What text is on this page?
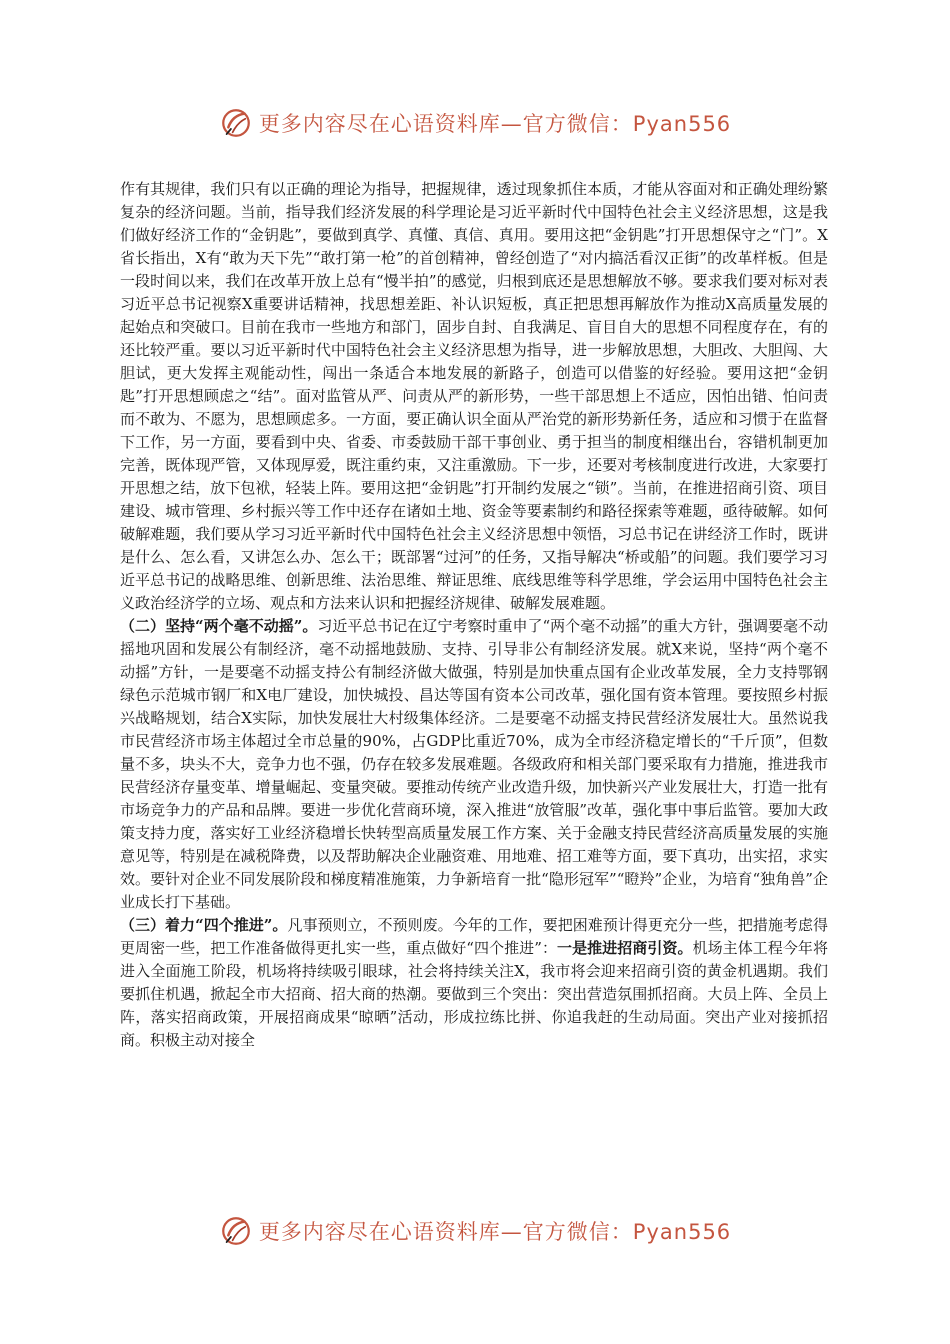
更多内容尽在心语资料库—官方微信：Pyan556

作有其规律，我们只有以正确的理论为指导，把握规律，透过现象抓住本质，才能从容面对和正确处理纷繁复杂的经济问题。当前，指导我们经济发展的科学理论是习近平新时代中国特色社会主义经济思想，这是我们做好经济工作的“金钥匙”，要做到真学、真懂、真信、真用。要用这把“金钥匙”打开思想保守之“门”。X省长指出，X有“敢为天下先”“敢打第一枪”的首创精神，曾经创造了“对内搞活看汉正街”的改革样板。但是一段时间以来，我们在改革开放上总有“慢半拍”的感觉，归根到底还是思想解放不够。要求我们要对标对表习近平总书记视察X重要讲话精神，找思想差距、补认识短板，真正把思想再解放作为推动X高质量发展的起始点和突破口。目前在我市一些地方和部门，固步自封、自我满足、盲目自大的思想不同程度存在，有的还比较严重。要以习近平新时代中国特色社会主义经济思想为指导，进一步解放思想，大胆改、大胆闯、大胆试，更大发挥主观能动性，闯出一条适合本地发展的新路子，创造可以借鉴的好经验。要用这把“金钥匙”打开思想顾虑之“结”。面对监管从严、问责从严的新形势，一些干部思想上不适应，因怕出错、怕问责而不敢为、不愿为，思想顾虑多。一方面，要正确认识全面从严治党的新形势新任务，适应和习惯于在监督下工作，另一方面，要看到中央、省委、市委鼓励干部干事创业、勇于担当的制度相继出台，容错机制更加完善，既体现严管，又体现厚爱，既注重约束，又注重激励。下一步，还要对考核制度进行改进，大家要打开思想之结，放下包袱，轻装上阵。要用这把“金钥匙”打开制约发展之“锁”。当前，在推进招商引资、项目建设、城市管理、乡村振兴等工作中还存在诸如土地、资金等要素制约和路径探索等难题，亟待破解。如何破解难题，我们要从学习习近平新时代中国特色社会主义经济思想中领悟，习总书记在讲经济工作时，既讲是什么、怎么看，又讲怎么办、怎么干；既部署“过河”的任务，又指导解决“桥或船”的问题。我们要学习习近平总书记的战略思维、创新思维、法治思维、辩证思维、底线思维等科学思维，学会运用中国特色社会主义政治经济学的立场、观点和方法来认识和把握经济规律、破解发展难题。

（二）坚持“两个毫不动摇”。习近平总书记在辽宁考察时重申了“两个毫不动摇”的重大方针，强调要毫不动摇地巩固和发展公有制经济，毫不动摇地鼓励、支持、引导非公有制经济发展。就X来说，坚持“两个毫不动摇”方针，一是要毫不动摇支持公有制经济做大做强，特别是加快重点国有企业改革发展，全力支持鄂钢绿色示范城市钢厂和X电厂建设，加快城投、昌达等国有资本公司改革，强化国有资本管理。要按照乡村振兴战略规划，结合X实际，加快发展壮大村级集体经济。二是要毫不动摇支持民营经济发展壮大。虽然说我市民营经济市场主体超过全市总量的90%，占GDP比重近70%，成为全市经济稳定增长的“千斤顶”，但数量不多，块头不大，竞争力也不强，仍存在较多发展难题。各级政府和相关部门要采取有力措施，推进我市民营经济存量变革、增量崛起、变量突破。要推动传统产业改造升级，加快新兴产业发展壮大，打造一批有市场竞争力的产品和品牌。要进一步优化营商环境，深入推进“放管服”改革，强化事中事后监管。要加大政策支持力度，落实好工业经济稳增长快转型高质量发展工作方案、关于金融支持民营经济高质量发展的实施意见等，特别是在减税降费，以及帮助解决企业融资难、用地难、招工难等方面，要下真功，出实招，求实效。要针对企业不同发展阶段和梯度精准施策，力争新培育一批“隐形冠军”“瞪羚”企业，为培育“独角兽”企业成长打下基础。

（三）着力“四个推进”。凡事预则立，不预则废。今年的工作，要把困难预计得更充分一些，把措施考虑得更周密一些，把工作准备做得更扎实一些，重点做好“四个推进”：一是推进招商引资。机场主体工程今年将进入全面施工阶段，机场将持续吸引眼球，社会将持续关注X，我市将会迎来招商引资的黄金机遇期。我们要抓住机遇，掀起全市大招商、招大商的热潮。要做到三个突出：突出营造氛围抓招商。大员上阵、全员上阵，落实招商政策，开展招商成果“晾晒”活动，形成拉练比拼、你追我赶的生动局面。突出产业对接抓招商。积极主动对接全

更多内容尽在心语资料库—官方微信：Pyan556
